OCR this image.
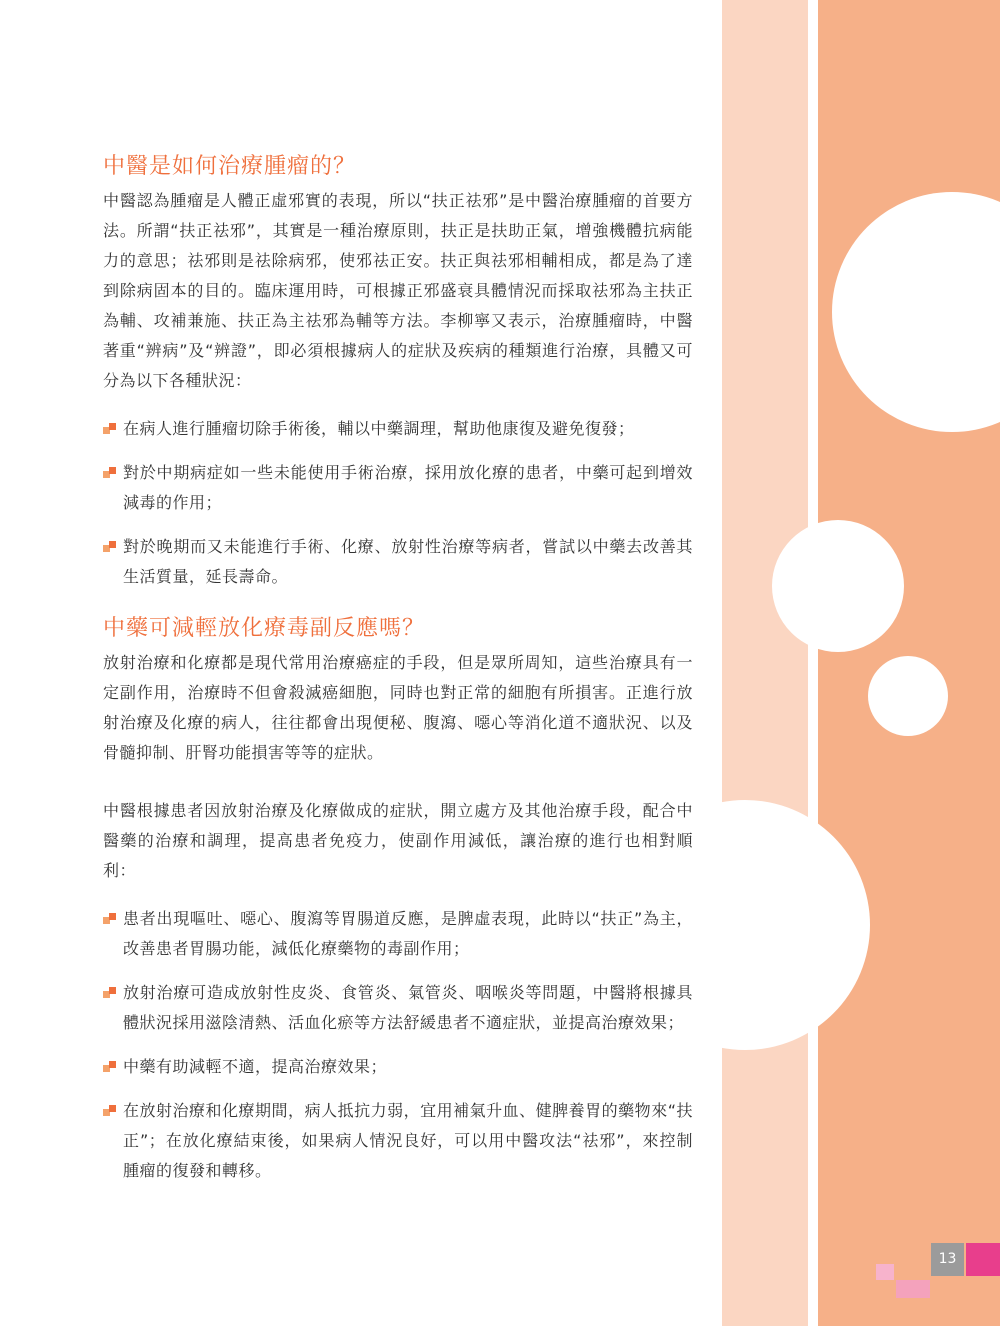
中醫是如何治療腫瘤的？

中醫認為腫瘤是人體正虛邪實的表現，所以“扶正祛邪”是中醫治療腫瘤的首要方法。所謂“扶正祛邪”，其實是一種治療原則，扶正是扶助正氣，增強機體抗病能力的意思；祛邪則是祛除病邪，使邪祛正安。扶正與祛邪相輔相成，都是為了達到除病固本的目的。臨床運用時，可根據正邪盛衰具體情況而採取祛邪為主扶正為輔、攻補兼施、扶正為主祛邪為輔等方法。李柳寧又表示，治療腫瘤時，中醫著重“辨病”及“辨證”，即必須根據病人的症狀及疾病的種類進行治療，具體又可分為以下各種狀況：

在病人進行腫瘤切除手術後，輔以中藥調理，幫助他康復及避免復發；
對於中期病症如一些未能使用手術治療，採用放化療的患者，中藥可起到增效減毒的作用；
對於晚期而又未能進行手術、化療、放射性治療等病者，嘗試以中藥去改善其生活質量，延長壽命。
中藥可減輕放化療毒副反應嗎？

放射治療和化療都是現代常用治療癌症的手段，但是眾所周知，這些治療具有一定副作用，治療時不但會殺滅癌細胞，同時也對正常的細胞有所損害。正進行放射治療及化療的病人，往往都會出現便秘、腹瀉、噁心等消化道不適狀況、以及骨髓抑制、肝腎功能損害等等的症狀。

中醫根據患者因放射治療及化療做成的症狀，開立處方及其他治療手段，配合中醫藥的治療和調理，提高患者免疫力，使副作用減低，讓治療的進行也相對順利：

患者出現嘔吐、噁心、腹瀉等胃腸道反應，是脾虛表現，此時以“扶正”為主，改善患者胃腸功能，減低化療藥物的毒副作用；
放射治療可造成放射性皮炎、食管炎、氣管炎、咽喉炎等問題，中醫將根據具體狀況採用滋陰清熱、活血化瘀等方法舒緩患者不適症狀，並提高治療效果；
中藥有助減輕不適，提高治療效果；
在放射治療和化療期間，病人抵抗力弱，宜用補氣升血、健脾養胃的藥物來“扶正”；在放化療結束後，如果病人情況良好，可以用中醫攻法“祛邪”，來控制腫瘤的復發和轉移。
13
